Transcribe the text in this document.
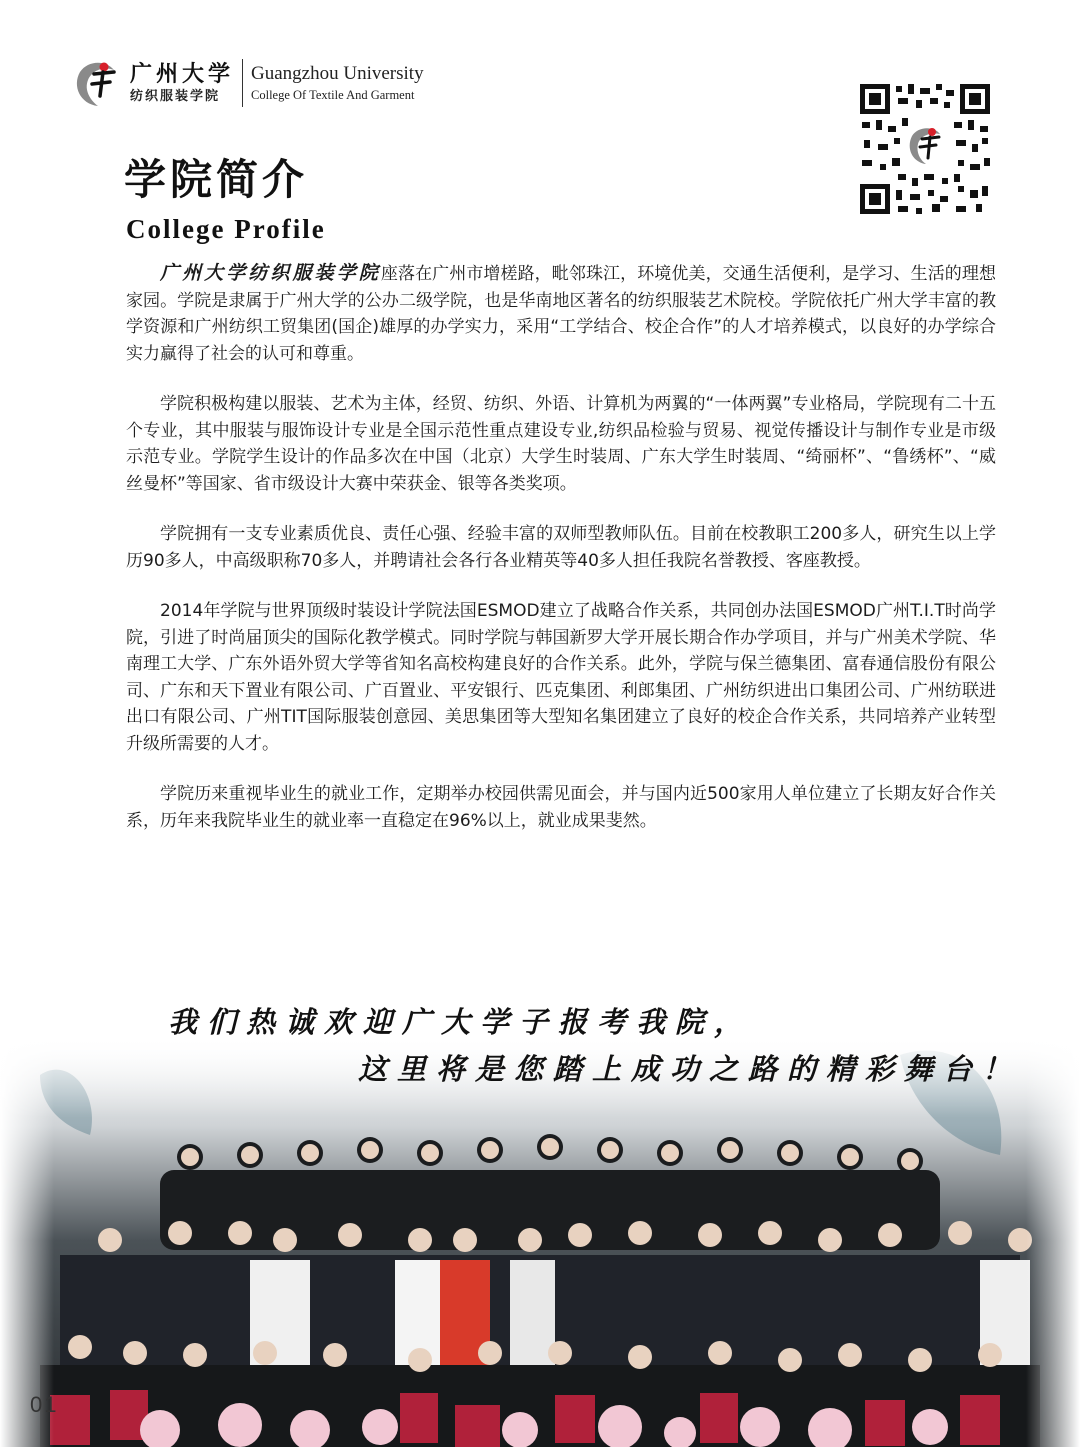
广州大学
纺织服装学院
Guangzhou University
College Of Textile And Garment
学院简介
College Profile

广州大学纺织服装学院座落在广州市增槎路，毗邻珠江，环境优美，交通生活便利，是学习、生活的理想家园。学院是隶属于广州大学的公办二级学院，也是华南地区著名的纺织服装艺术院校。学院依托广州大学丰富的教学资源和广州纺织工贸集团(国企)雄厚的办学实力，采用“工学结合、校企合作”的人才培养模式，以良好的办学综合实力赢得了社会的认可和尊重。

学院积极构建以服装、艺术为主体，经贸、纺织、外语、计算机为两翼的“一体两翼”专业格局，学院现有二十五个专业，其中服装与服饰设计专业是全国示范性重点建设专业,纺织品检验与贸易、视觉传播设计与制作专业是市级示范专业。学院学生设计的作品多次在中国（北京）大学生时装周、广东大学生时装周、“绮丽杯”、“鲁绣杯”、“威丝曼杯”等国家、省市级设计大赛中荣获金、银等各类奖项。

学院拥有一支专业素质优良、责任心强、经验丰富的双师型教师队伍。目前在校教职工200多人，研究生以上学历90多人，中高级职称70多人，并聘请社会各行各业精英等40多人担任我院名誉教授、客座教授。

2014年学院与世界顶级时装设计学院法国ESMOD建立了战略合作关系，共同创办法国ESMOD广州T.I.T时尚学院，引进了时尚届顶尖的国际化教学模式。同时学院与韩国新罗大学开展长期合作办学项目，并与广州美术学院、华南理工大学、广东外语外贸大学等省知名高校构建良好的合作关系。此外，学院与保兰德集团、富春通信股份有限公司、广东和天下置业有限公司、广百置业、平安银行、匹克集团、利郎集团、广州纺织进出口集团公司、广州纺联进出口有限公司、广州TIT国际服装创意园、美思集团等大型知名集团建立了良好的校企合作关系，共同培养产业转型升级所需要的人才。

学院历来重视毕业生的就业工作，定期举办校园供需见面会，并与国内近500家用人单位建立了长期友好合作关系，历年来我院毕业生的就业率一直稳定在96%以上，就业成果斐然。

我们热诚欢迎广大学子报考我院，
这里将是您踏上成功之路的精彩舞台！
01
